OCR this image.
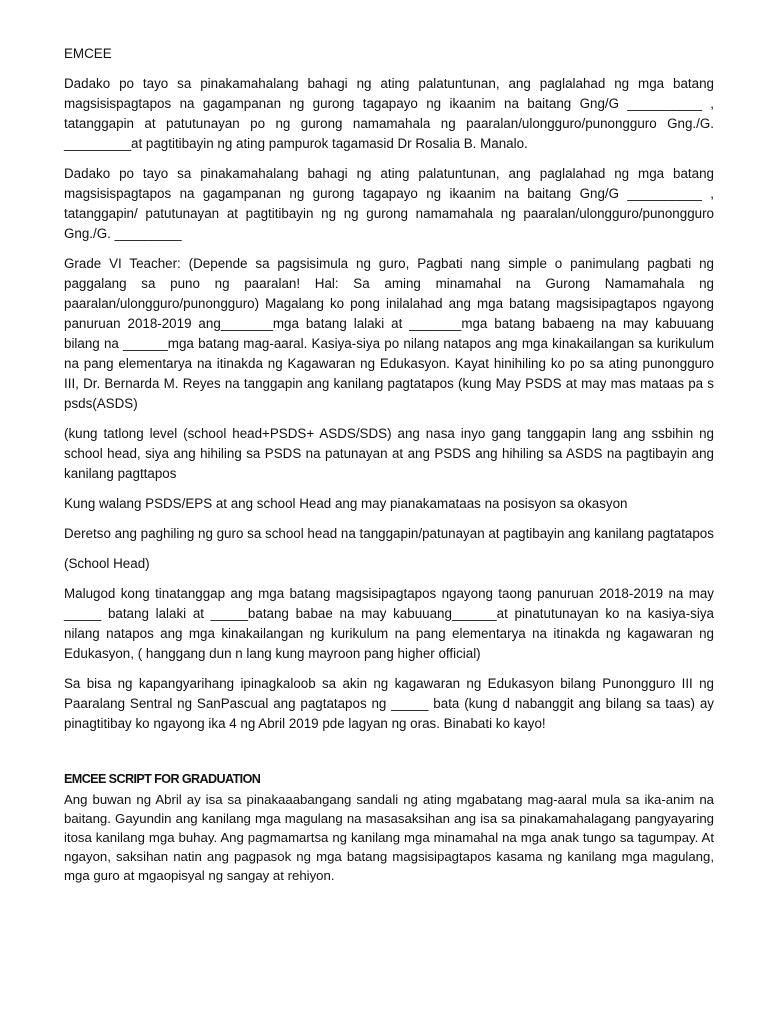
EMCEE

Dadako po tayo sa pinakamahalang bahagi ng ating palatuntunan, ang paglalahad ng mga batang magsisispagtapos na gagampanan ng gurong tagapayo ng ikaanim na baitang Gng/G __________ , tatanggapin at patutunayan po ng gurong namamahala ng paaralan/ulongguro/punongguro Gng./G. _________at pagtitibayin ng ating pampurok tagamasid Dr Rosalia B. Manalo.

Dadako po tayo sa pinakamahalang bahagi ng ating palatuntunan, ang paglalahad ng mga batang magsisispagtapos na gagampanan ng gurong tagapayo ng ikaanim na baitang Gng/G __________ , tatanggapin/ patutunayan at pagtitibayin ng ng gurong namamahala ng paaralan/ulongguro/punongguro Gng./G. _________

Grade VI Teacher: (Depende sa pagsisimula ng guro, Pagbati nang simple o panimulang pagbati ng paggalang sa puno ng paaralan! Hal: Sa aming minamahal na Gurong Namamahala ng paaralan/ulongguro/punongguro) Magalang ko pong inilalahad ang mga batang magsisipagtapos ngayong panuruan 2018-2019 ang_______mga batang lalaki at _______mga batang babaeng na may kabuuang bilang na ______mga batang mag-aaral. Kasiya-siya po nilang natapos ang mga kinakailangan sa kurikulum na pang elementarya na itinakda ng Kagawaran ng Edukasyon. Kayat hinihiling ko po sa ating punongguro III, Dr. Bernarda M. Reyes na tanggapin ang kanilang pagtatapos (kung May PSDS at may mas mataas pa s psds(ASDS)

(kung tatlong level (school head+PSDS+ ASDS/SDS) ang nasa inyo gang tanggapin lang ang ssbihin ng school head, siya ang hihiling sa PSDS na patunayan at ang PSDS ang hihiling sa ASDS na pagtibayin ang kanilang pagttapos

Kung walang PSDS/EPS at ang school Head ang may pianakamataas na posisyon sa okasyon

Deretso ang paghiling ng guro sa school head na tanggapin/patunayan at pagtibayin ang kanilang pagtatapos

(School Head)

Malugod kong tinatanggap ang mga batang magsisipagtapos ngayong taong panuruan 2018-2019 na may _____ batang lalaki at _____batang babae na may kabuuang______at pinatutunayan ko na kasiya-siya nilang natapos ang mga kinakailangan ng kurikulum na pang elementarya na itinakda ng kagawaran ng Edukasyon, ( hanggang dun n lang kung mayroon pang higher official)

Sa bisa ng kapangyarihang ipinagkaloob sa akin ng kagawaran ng Edukasyon bilang Punongguro III ng Paaralang Sentral ng SanPascual ang pagtatapos ng _____ bata (kung d nabanggit ang bilang sa taas) ay pinagtitibay ko ngayong ika 4 ng Abril 2019 pde lagyan ng oras. Binabati ko kayo!

EMCEE SCRIPT FOR GRADUATION

Ang buwan ng Abril ay isa sa pinakaaabangang sandali ng ating mgabatang mag-aaral mula sa ika-anim na baitang. Gayundin ang kanilang mga magulang na masasaksihan ang isa sa pinakamahalagang pangyayaring itosa kanilang mga buhay. Ang pagmamartsa ng kanilang mga minamahal na mga anak tungo sa tagumpay. At ngayon, saksihan natin ang pagpasok ng mga batang magsisipagtapos kasama ng kanilang mga magulang, mga guro at mgaopisyal ng sangay at rehiyon.
